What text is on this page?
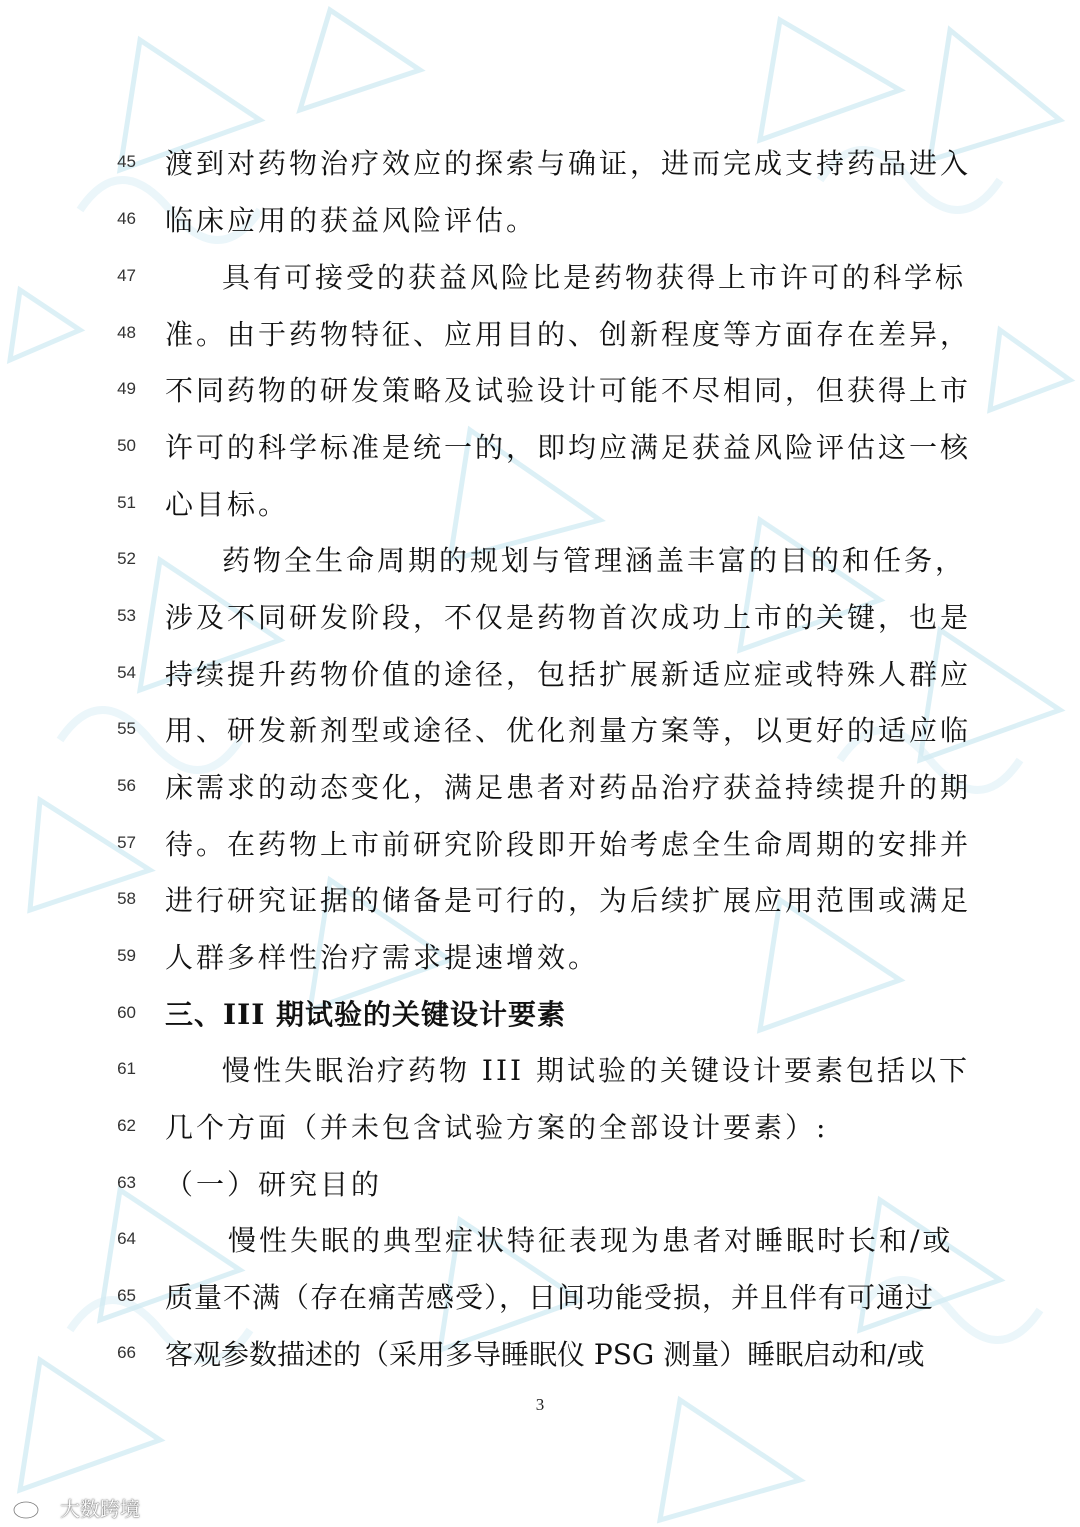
45 渡到对药物治疗效应的探索与确证，进而完成支持药品进入
46 临床应用的获益风险评估。
47	具有可接受的获益风险比是药物获得上市许可的科学标
48 准。由于药物特征、应用目的、创新程度等方面存在差异，
49 不同药物的研发策略及试验设计可能不尽相同，但获得上市
50 许可的科学标准是统一的，即均应满足获益风险评估这一核
51 心目标。
52	药物全生命周期的规划与管理涵盖丰富的目的和任务，
53 涉及不同研发阶段，不仅是药物首次成功上市的关键，也是
54 持续提升药物价值的途径，包括扩展新适应症或特殊人群应
55 用、研发新剂型或途径、优化剂量方案等，以更好的适应临
56 床需求的动态变化，满足患者对药品治疗获益持续提升的期
57 待。在药物上市前研究阶段即开始考虑全生命周期的安排并
58 进行研究证据的储备是可行的，为后续扩展应用范围或满足
59 人群多样性治疗需求提速增效。
60 三、III 期试验的关键设计要素
61	慢性失眠治疗药物 III 期试验的关键设计要素包括以下
62 几个方面（并未包含试验方案的全部设计要素）:
63 （一）研究目的
64	慢性失眠的典型症状特征表现为患者对睡眠时长和/或
65 质量不满（存在痛苦感受），日间功能受损，并且伴有可通过
66 客观参数描述的（采用多导睡眠仪 PSG 测量）睡眠启动和/或
3
大数跨境
